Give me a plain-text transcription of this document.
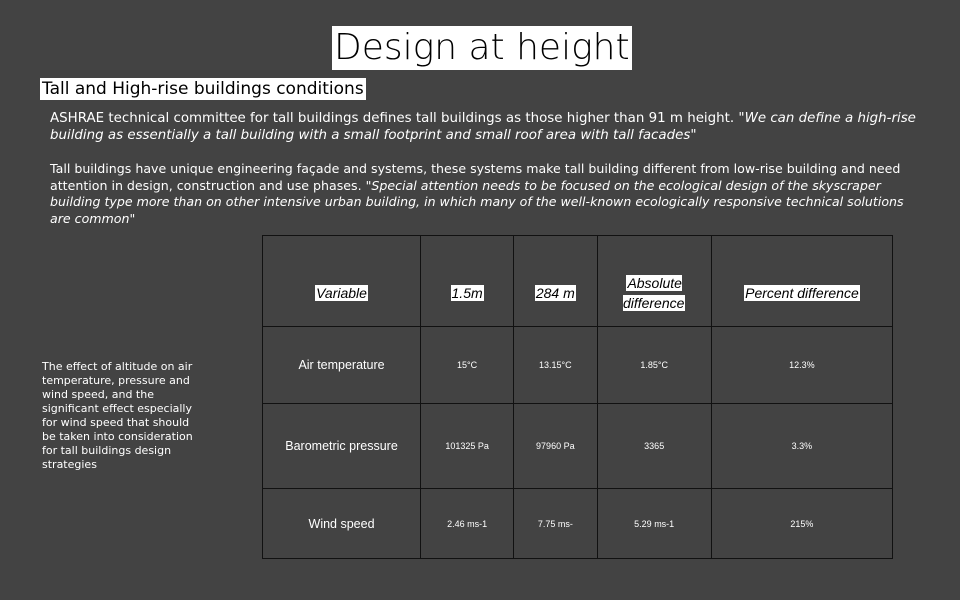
Design at height
Tall and High-rise buildings conditions
ASHRAE technical committee for tall buildings defines tall buildings as those higher than 91 m height. "We can define a high-rise building as essentially a tall building with a small footprint and small roof area with tall facades"
Tall buildings have unique engineering façade and systems, these systems make tall building different from low-rise building and need attention in design, construction and use phases. "Special attention needs to be focused on the ecological design of the skyscraper building type more than on other intensive urban building, in which many of the well-known ecologically responsive technical solutions are common"
The effect of altitude on air temperature, pressure and wind speed, and the significant effect especially for wind speed that should be taken into consideration for tall buildings design strategies
Variable	1.5m	284 m	Absolute difference	Percent difference
Air temperature	15°C	13.15°C	1.85°C	12.3%
Barometric pressure	101325 Pa	97960 Pa	3365	3.3%
Wind speed	2.46 ms-1	7.75 ms-	5.29 ms-1	215%
